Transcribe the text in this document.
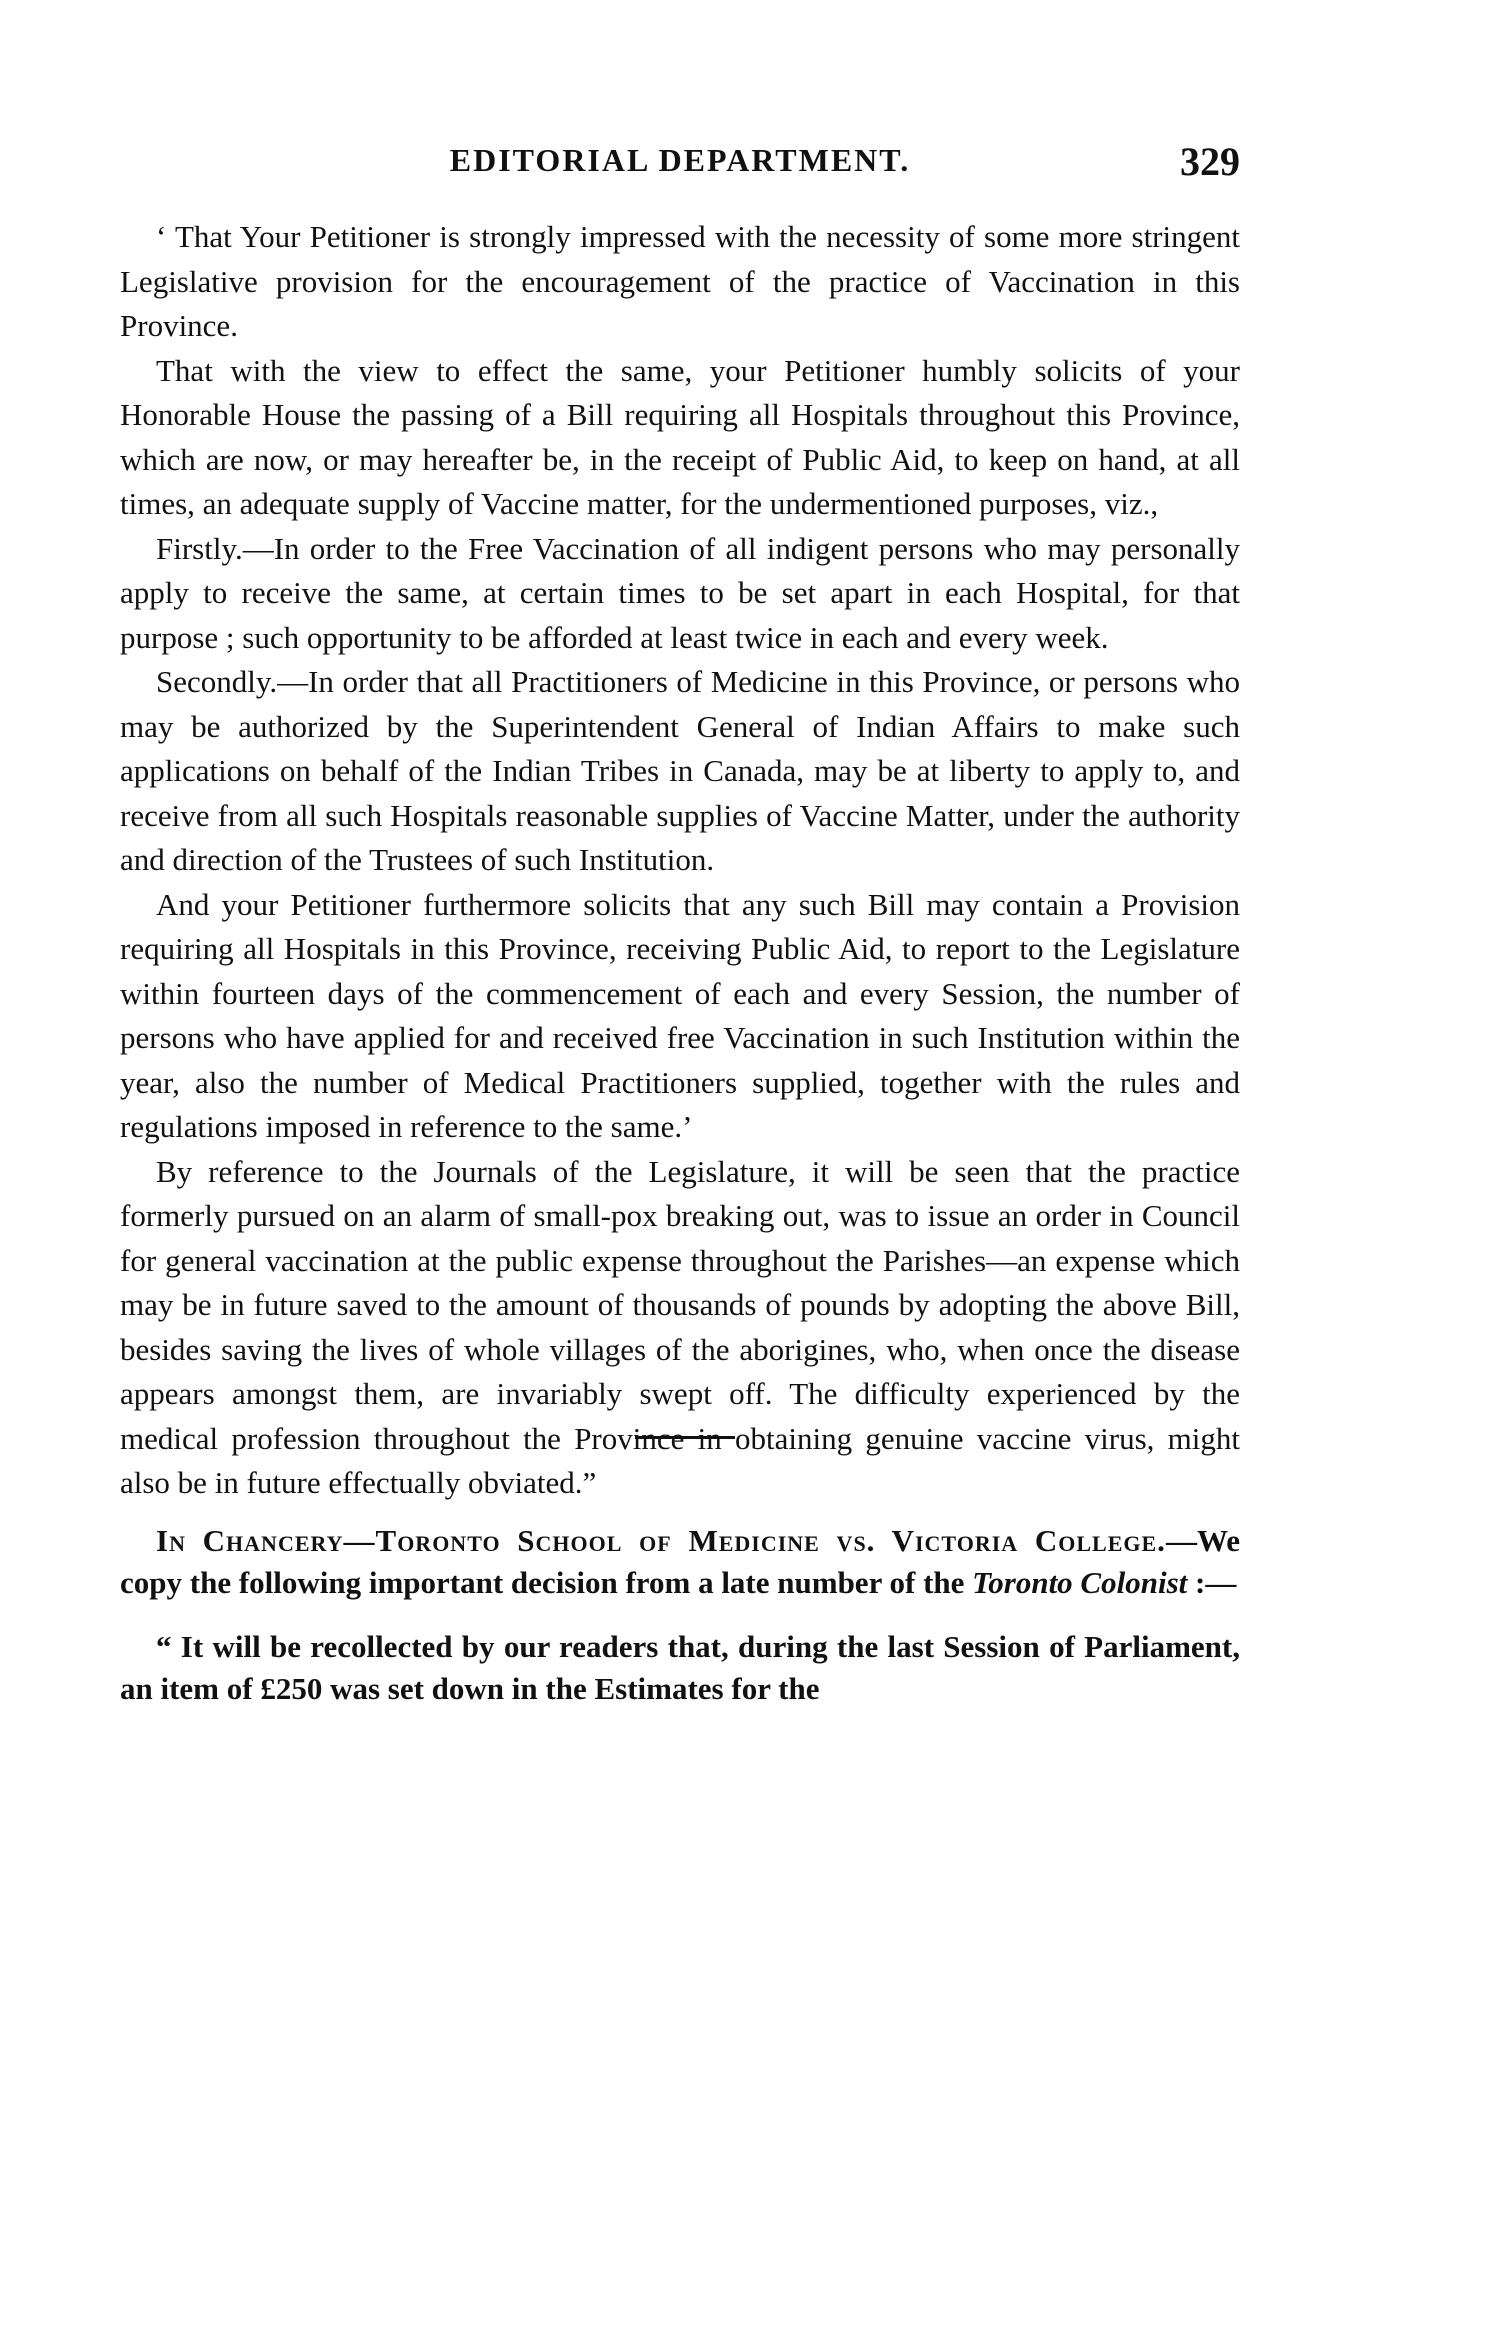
EDITORIAL DEPARTMENT.	329

‘ That Your Petitioner is strongly impressed with the necessity of some more stringent Legislative provision for the encouragement of the practice of Vaccination in this Province.

That with the view to effect the same, your Petitioner humbly solicits of your Honorable House the passing of a Bill requiring all Hospitals throughout this Province, which are now, or may hereafter be, in the receipt of Public Aid, to keep on hand, at all times, an adequate supply of Vaccine matter, for the undermentioned purposes, viz.,

Firstly.—In order to the Free Vaccination of all indigent persons who may personally apply to receive the same, at certain times to be set apart in each Hospital, for that purpose ; such opportunity to be afforded at least twice in each and every week.

Secondly.—In order that all Practitioners of Medicine in this Province, or persons who may be authorized by the Superintendent General of Indian Affairs to make such applications on behalf of the Indian Tribes in Canada, may be at liberty to apply to, and receive from all such Hospitals reasonable supplies of Vaccine Matter, under the authority and direction of the Trustees of such Institution.

And your Petitioner furthermore solicits that any such Bill may contain a Provision requiring all Hospitals in this Province, receiving Public Aid, to report to the Legislature within fourteen days of the commencement of each and every Session, the number of persons who have applied for and received free Vaccination in such Institution within the year, also the number of Medical Practitioners supplied, together with the rules and regulations imposed in reference to the same.’

By reference to the Journals of the Legislature, it will be seen that the practice formerly pursued on an alarm of small-pox breaking out, was to issue an order in Council for general vaccination at the public expense throughout the Parishes—an expense which may be in future saved to the amount of thousands of pounds by adopting the above Bill, besides saving the lives of whole villages of the aborigines, who, when once the disease appears amongst them, are invariably swept off. The difficulty experienced by the medical profession throughout the Province in obtaining genuine vaccine virus, might also be in future effectually obviated.”

In Chancery—Toronto School of Medicine vs. Victoria College.—We copy the following important decision from a late number of the Toronto Colonist :—

“ It will be recollected by our readers that, during the last Session of Parliament, an item of £250 was set down in the Estimates for the
